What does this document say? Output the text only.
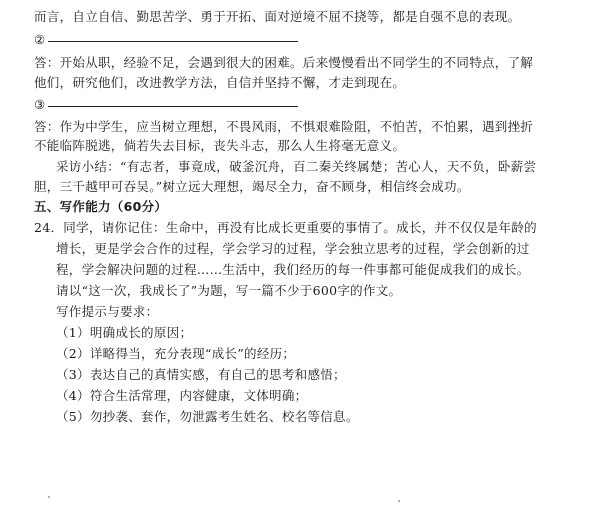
而言，自立自信、勤思苦学、勇于开拓、面对逆境不屈不挠等，都是自强不息的表现。
②
答：开始从职，经验不足，会遇到很大的困难。后来慢慢看出不同学生的不同特点，了解
他们，研究他们，改进教学方法，自信并坚持不懈，才走到现在。
③
答：作为中学生，应当树立理想，不畏风雨，不惧艰难险阻，不怕苦，不怕累，遇到挫折
不能临阵脱逃，倘若失去目标，丧失斗志，那么人生将毫无意义。
采访小结：“有志者，事竟成，破釜沉舟，百二秦关终属楚；苦心人，天不负，卧薪尝
胆，三千越甲可吞吴。”树立远大理想，竭尽全力，奋不顾身，相信终会成功。
五、写作能力（60分）
24．同学，请你记住：生命中，再没有比成长更重要的事情了。成长，并不仅仅是年龄的
增长，更是学会合作的过程，学会学习的过程，学会独立思考的过程，学会创新的过
程，学会解决问题的过程……生活中，我们经历的每一件事都可能促成我们的成长。
请以“这一次，我成长了”为题，写一篇不少于600字的作文。
写作提示与要求：
（1）明确成长的原因；
（2）详略得当，充分表现“成长”的经历；
（3）表达自己的真情实感，有自己的思考和感悟；
（4）符合生活常理，内容健康，文体明确；
（5）勿抄袭、套作，勿泄露考生姓名、校名等信息。
